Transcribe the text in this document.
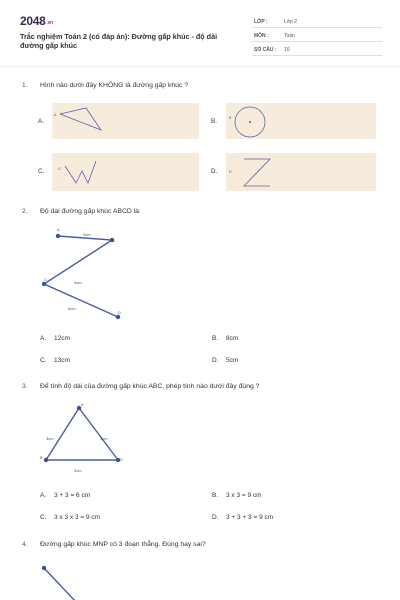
2048.vn
Trắc nghiệm Toán 2 (có đáp án): Đường gấp khúc - độ dài đường gấp khúc
LỚP :	Lớp 2
MÔN :	Toán
SỐ CÂU : 10
1. Hình nào dưới đây KHÔNG là đường gấp khúc ?
A
A.	B
B.
G
C.	D
D.
2. Độ dài đường gấp khúc ABCD là:
A
B
C
D
3cm
4cm
5cm
A. 12cm	B. 8cm
C. 13cm	D. 5cm
3. Để tính độ dài của đường gấp khúc ABC, phép tính nào dưới đây đúng ?
A
B	C
3cm	3cm
3cm
A. 3 + 3 = 6 cm	B. 3 x 3 = 9 cm
C. 3 x 3 x 3 = 9 cm	D. 3 + 3 + 3 = 9 cm
4. Đường gấp khúc MNP có 3 đoạn thẳng. Đúng hay sai?
